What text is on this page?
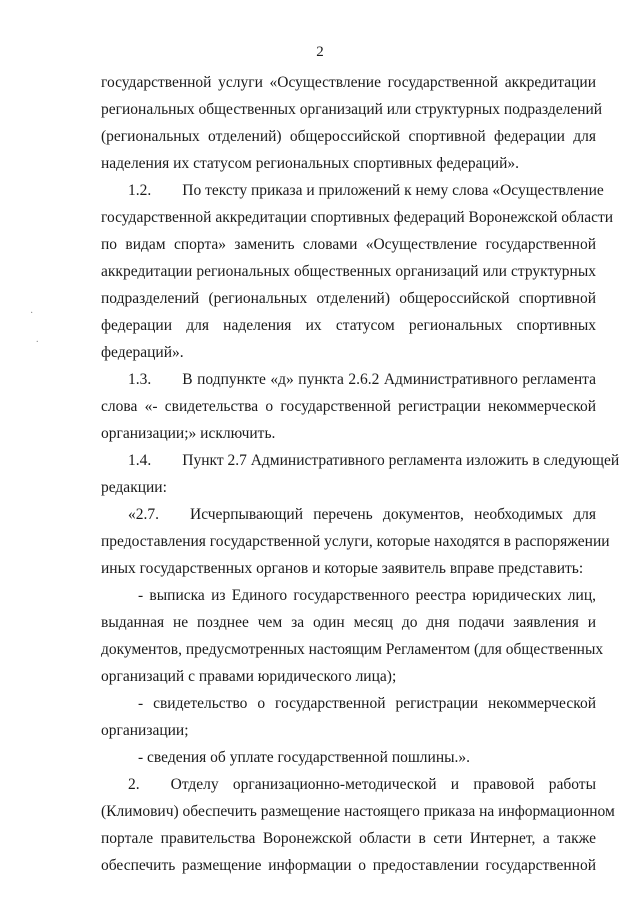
2
государственной услуги «Осуществление государственной аккредитации
региональных общественных организаций или структурных подразделений
(региональных отделений) общероссийской спортивной федерации для
наделения их статусом региональных спортивных федераций».
1.2.  По тексту приказа и приложений к нему слова «Осуществление
государственной аккредитации спортивных федераций Воронежской области
по видам спорта» заменить словами «Осуществление государственной
аккредитации региональных общественных организаций или структурных
подразделений (региональных отделений) общероссийской спортивной
федерации для наделения их статусом региональных спортивных
федераций».
1.3.  В подпункте «д» пункта 2.6.2 Административного регламента
слова «- свидетельства о государственной регистрации некоммерческой
организации;» исключить.
1.4.  Пункт 2.7 Административного регламента изложить в следующей
редакции:
«2.7.  Исчерпывающий перечень документов, необходимых для
предоставления государственной услуги, которые находятся в распоряжении
иных государственных органов и которые заявитель вправе представить:
- выписка из Единого государственного реестра юридических лиц,
выданная не позднее чем за один месяц до дня подачи заявления и
документов, предусмотренных настоящим Регламентом (для общественных
организаций с правами юридического лица);
- свидетельство о государственной регистрации некоммерческой
организации;
- сведения об уплате государственной пошлины.».
2.  Отделу организационно-методической и правовой работы
(Климович) обеспечить размещение настоящего приказа на информационном
портале правительства Воронежской области в сети Интернет, а также
обеспечить размещение информации о предоставлении государственной
·
.
